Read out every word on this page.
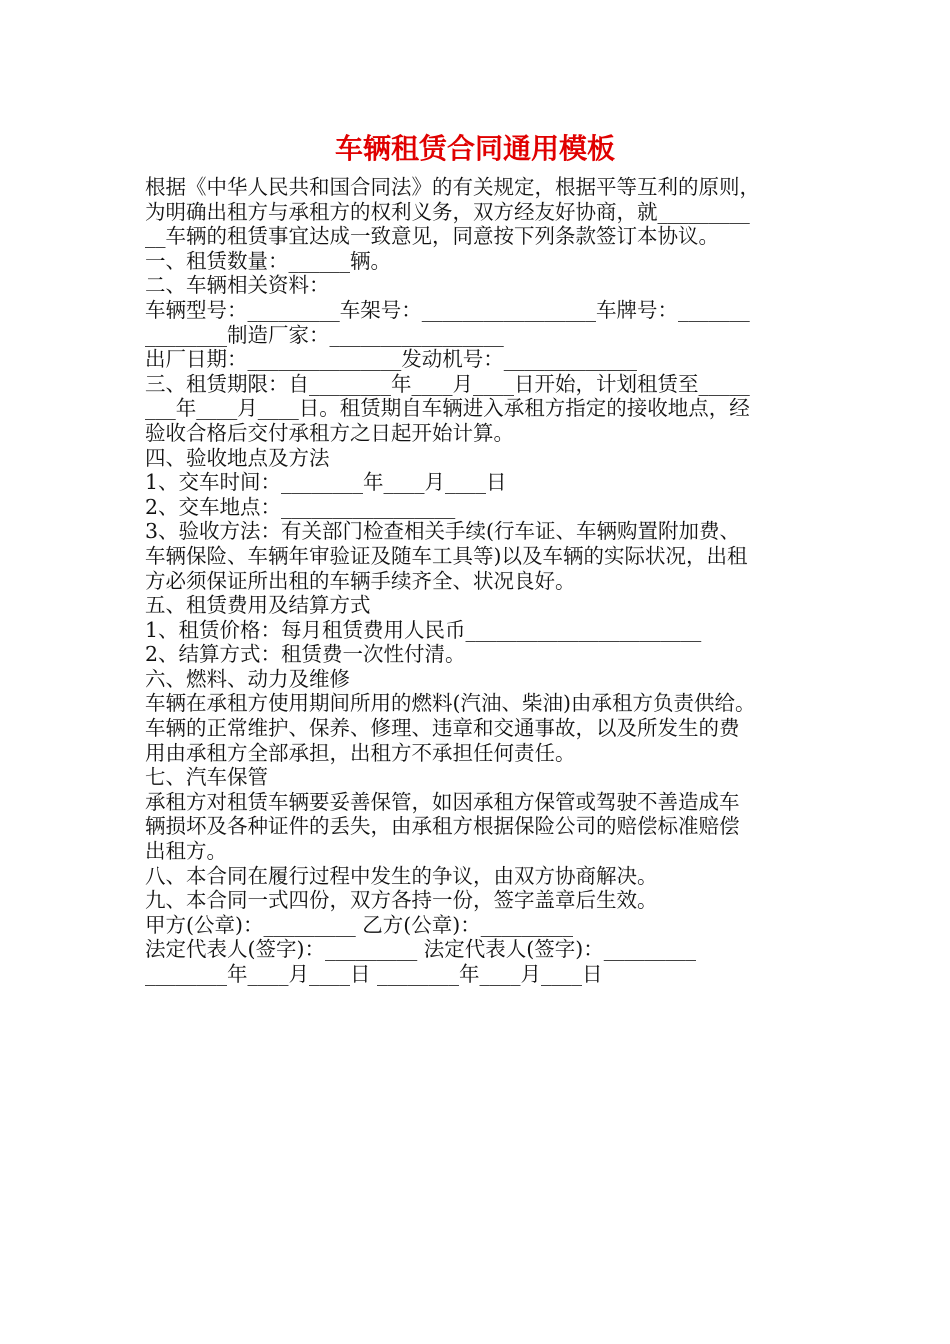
车辆租赁合同通用模板
根据《中华人民共和国合同法》的有关规定，根据平等互利的原则，
为明确出租方与承租方的权利义务，双方经友好协商，就_________
__车辆的租赁事宜达成一致意见，同意按下列条款签订本协议。
一、租赁数量：______辆。
二、车辆相关资料：
车辆型号：_________车架号：_________________车牌号：_______
________制造厂家：_________________
出厂日期：_______________发动机号：_____________
三、租赁期限：自________年____月____日开始，计划租赁至_____
___年____月____日。租赁期自车辆进入承租方指定的接收地点，经
验收合格后交付承租方之日起开始计算。
四、验收地点及方法
1、交车时间：________年____月____日
2、交车地点：_________________
3、验收方法：有关部门检查相关手续(行车证、车辆购置附加费、
车辆保险、车辆年审验证及随车工具等)以及车辆的实际状况，出租
方必须保证所出租的车辆手续齐全、状况良好。
五、租赁费用及结算方式
1、租赁价格：每月租赁费用人民币_______________________
2、结算方式：租赁费一次性付清。
六、燃料、动力及维修
车辆在承租方使用期间所用的燃料(汽油、柴油)由承租方负责供给。
车辆的正常维护、保养、修理、违章和交通事故，以及所发生的费
用由承租方全部承担，出租方不承担任何责任。
七、汽车保管
承租方对租赁车辆要妥善保管，如因承租方保管或驾驶不善造成车
辆损坏及各种证件的丢失，由承租方根据保险公司的赔偿标准赔偿
出租方。
八、本合同在履行过程中发生的争议，由双方协商解决。
九、本合同一式四份，双方各持一份，签字盖章后生效。
甲方(公章)：_________ 乙方(公章)：_________
法定代表人(签字)：_________ 法定代表人(签字)：_________
________年____月____日 ________年____月____日
